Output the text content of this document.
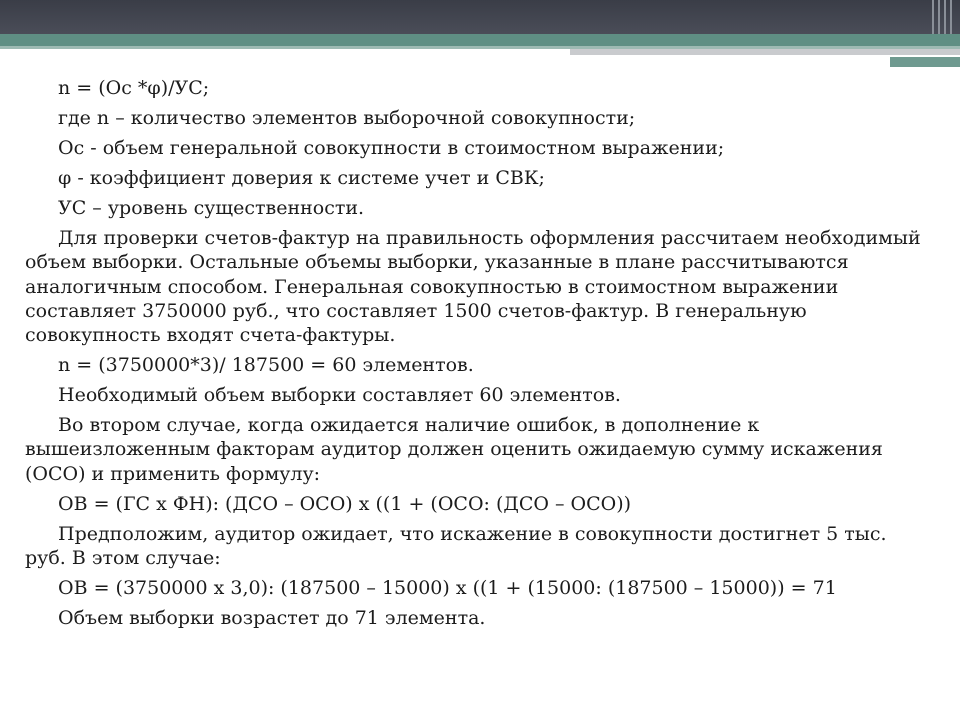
n = (Ос *φ)/УС;

где n – количество элементов выборочной совокупности;

Ос - объем генеральной совокупности в стоимостном выражении;

φ - коэффициент доверия к системе учет и СВК;

УС – уровень существенности.

Для проверки счетов-фактур на правильность оформления рассчитаем необходимый объем выборки. Остальные объемы выборки, указанные в плане рассчитываются аналогичным способом. Генеральная совокупностью в стоимостном выражении составляет 3750000 руб., что составляет 1500 счетов-фактур. В генеральную совокупность входят счета-фактуры.

n = (3750000*3)/ 187500 = 60 элементов.

Необходимый объем выборки составляет 60 элементов.

Во втором случае, когда ожидается наличие ошибок, в дополнение к вышеизложенным факторам аудитор должен оценить ожидаемую сумму искажения (ОСО) и применить формулу:

ОВ = (ГС х ФН): (ДСО – ОСО) х ((1 + (ОСО: (ДСО – ОСО))

Предположим, аудитор ожидает, что искажение в совокупности достигнет 5 тыс. руб. В этом случае:

ОВ = (3750000 х 3,0): (187500 – 15000) х ((1 + (15000: (187500 – 15000)) = 71

Объем выборки возрастет до 71 элемента.
